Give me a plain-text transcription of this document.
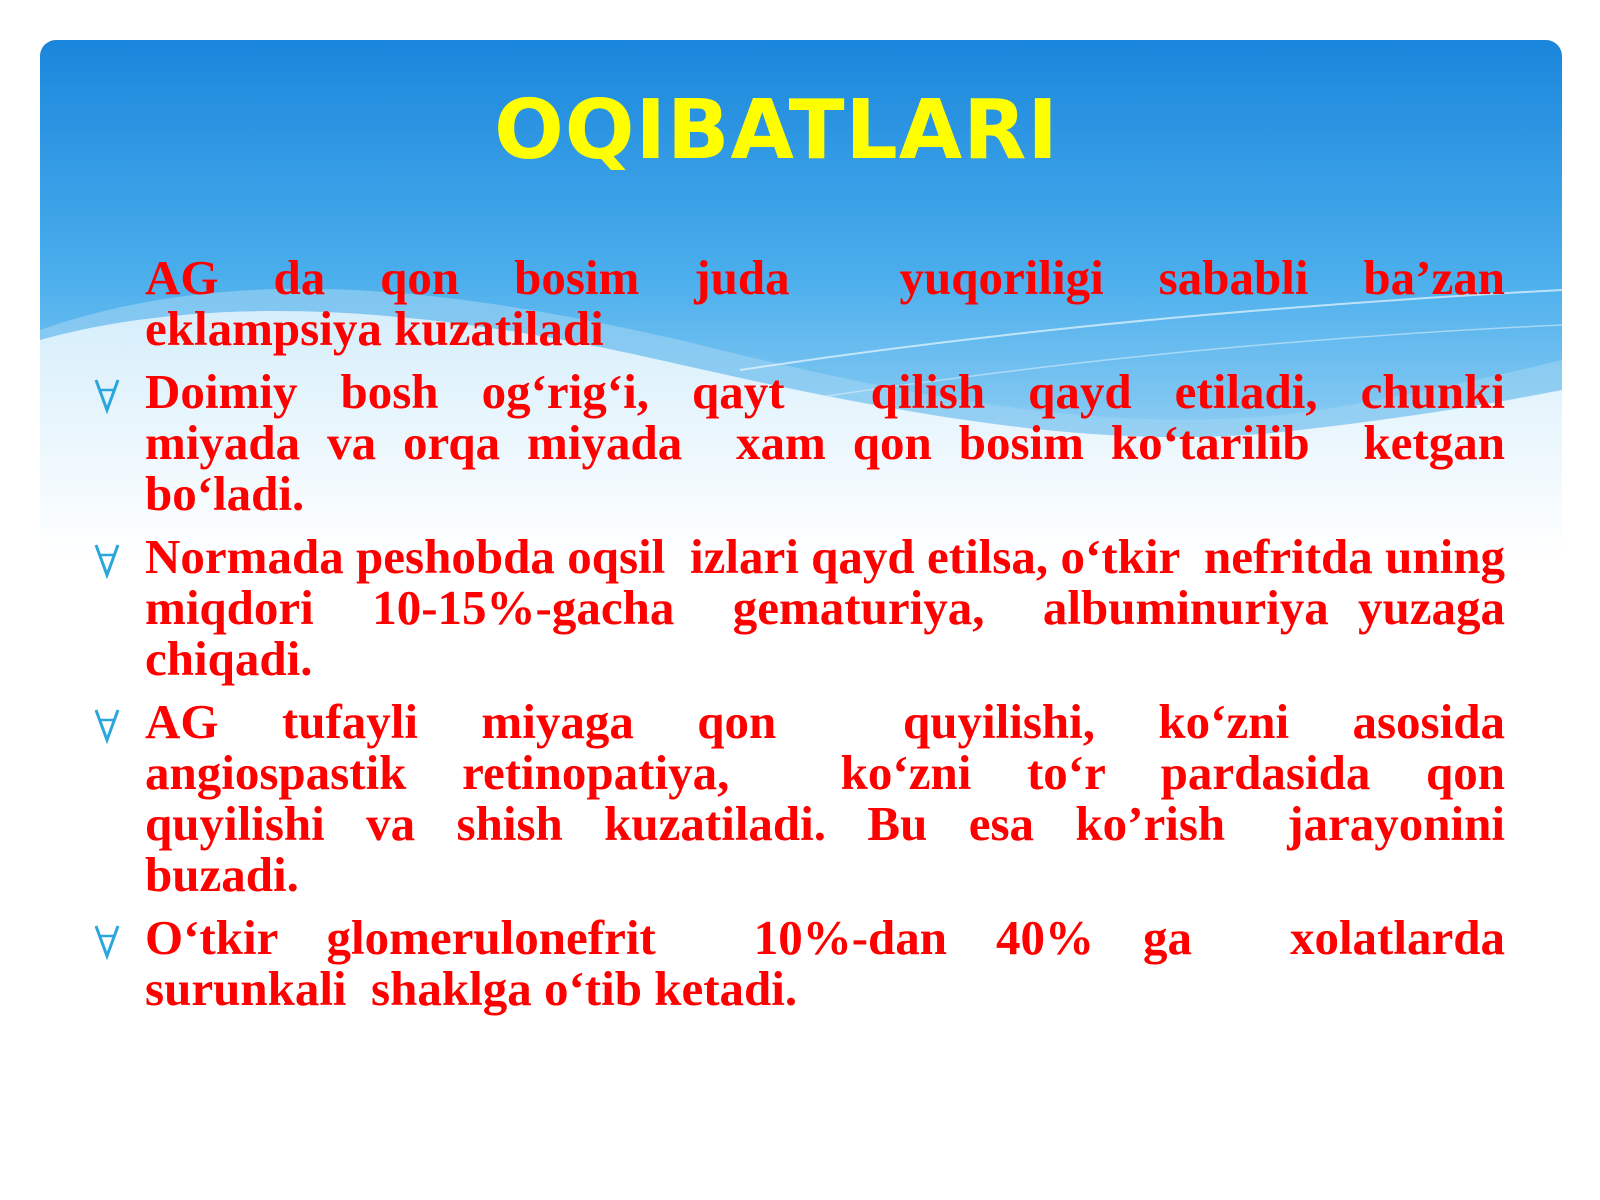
OQIBATLARI
AG  da  qon  bosim  juda    yuqoriligi  sababli  ba’zan   eklampsiya kuzatiladi
Doimiy  bosh  og‘rig‘i,  qayt    qilish  qayd  etiladi,  chunki   miyada va orqa miyada  xam qon bosim ko‘tarilib  ketgan bo‘ladi.
Normada peshobda oqsil  izlari qayd etilsa, o‘tkir  nefritda uning  miqdori  10-15%-gacha  gematuriya,  albuminuriya yuzaga chiqadi.
AG  tufayli  miyaga  qon    quyilishi,  ko‘zni  asosida   angiospastik  retinopatiya,    ko‘zni  to‘r  pardasida  qon quyilishi  va  shish  kuzatiladi.  Bu  esa  ko’rish   jarayonini buzadi.
O‘tkir  glomerulonefrit    10%-dan  40%  ga    xolatlarda surunkali  shaklga o‘tib ketadi.
